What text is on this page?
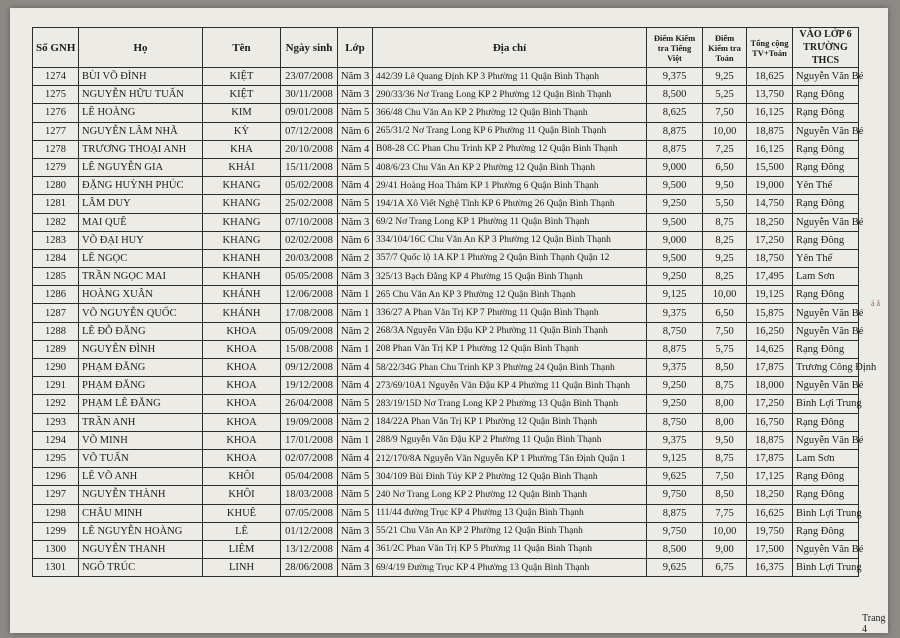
Số GNH	Họ	Tên	Ngày sinh	Lớp	Địa chỉ	Điểm Kiểm tra Tiếng Việt	Điểm Kiểm tra Toán	Tổng cộng TV+Toán	VÀO LỚP 6 TRƯỜNG THCS
1274	BÙI VÕ ĐÌNH	KIỆT	23/07/2008	Năm 3	442/39 Lê Quang Định KP 3 Phường 11 Quận Bình Thạnh	9,375	9,25	18,625	Nguyễn Văn Bé
1275	NGUYỄN HỮU TUẤN	KIỆT	30/11/2008	Năm 3	290/33/36 Nơ Trang Long KP 2 Phường 12 Quận Bình Thạnh	8,500	5,25	13,750	Rạng Đông
1276	LÊ HOÀNG	KIM	09/01/2008	Năm 5	366/48 Chu Văn An KP 2 Phường 12 Quận Bình Thạnh	8,625	7,50	16,125	Rạng Đông
1277	NGUYỄN LÂM NHÃ	KỲ	07/12/2008	Năm 6	265/31/2 Nơ Trang Long KP 6 Phường 11 Quận Bình Thạnh	8,875	10,00	18,875	Nguyễn Văn Bé
1278	TRƯƠNG THOẠI ANH	KHA	20/10/2008	Năm 4	B08-28 CC Phan Chu Trinh KP 2 Phường 12 Quận Bình Thạnh	8,875	7,25	16,125	Rạng Đông
1279	LÊ NGUYỄN GIA	KHẢI	15/11/2008	Năm 5	408/6/23 Chu Văn An KP 2 Phường 12 Quận Bình Thạnh	9,000	6,50	15,500	Rạng Đông
1280	ĐẶNG HUỲNH PHÚC	KHANG	05/02/2008	Năm 4	29/41 Hoàng Hoa Thám KP 1 Phường 6 Quận Bình Thạnh	9,500	9,50	19,000	Yên Thế
1281	LÂM DUY	KHANG	25/02/2008	Năm 5	194/1A Xô Viết Nghệ Tĩnh KP 6 Phường 26 Quận Bình Thạnh	9,250	5,50	14,750	Rạng Đông
1282	MAI QUÊ	KHANG	07/10/2008	Năm 3	69/2 Nơ Trang Long KP 1 Phường 11 Quận Bình Thạnh	9,500	8,75	18,250	Nguyễn Văn Bé
1283	VÕ ĐẠI HUY	KHANG	02/02/2008	Năm 6	334/104/16C Chu Văn An KP 3 Phường 12 Quận Bình Thạnh	9,000	8,25	17,250	Rạng Đông
1284	LÊ NGỌC	KHANH	20/03/2008	Năm 2	357/7 Quốc lộ 1A KP 1 Phường 2 Quận Bình Thạnh Quận 12	9,500	9,25	18,750	Yên Thế
1285	TRẦN NGỌC MAI	KHANH	05/05/2008	Năm 3	325/13 Bạch Đằng KP 4 Phường 15 Quận Bình Thạnh	9,250	8,25	17,495	Lam Sơn
1286	HOÀNG XUÂN	KHÁNH	12/06/2008	Năm 1	265 Chu Văn An KP 3 Phường 12 Quận Bình Thạnh	9,125	10,00	19,125	Rạng Đông
1287	VÕ NGUYỄN QUỐC	KHÁNH	17/08/2008	Năm 1	336/27 A Phan Văn Trị KP 7 Phường 11 Quận Bình Thạnh	9,375	6,50	15,875	Nguyễn Văn Bé
1288	LÊ ĐỖ ĐĂNG	KHOA	05/09/2008	Năm 2	268/3A Nguyễn Văn Đậu KP 2 Phường 11 Quận Bình Thạnh	8,750	7,50	16,250	Nguyễn Văn Bé
1289	NGUYỄN ĐÌNH	KHOA	15/08/2008	Năm 1	208 Phan Văn Trị KP 1 Phường 12 Quận Bình Thạnh	8,875	5,75	14,625	Rạng Đông
1290	PHẠM ĐĂNG	KHOA	09/12/2008	Năm 4	58/22/34G Phan Chu Trinh KP 3 Phường 24 Quận Bình Thạnh	9,375	8,50	17,875	Trương Công Định
1291	PHẠM ĐĂNG	KHOA	19/12/2008	Năm 4	273/69/10A1 Nguyễn Văn Đậu KP 4 Phường 11 Quận Bình Thạnh	9,250	8,75	18,000	Nguyễn Văn Bé
1292	PHẠM LÊ ĐĂNG	KHOA	26/04/2008	Năm 5	283/19/15D Nơ Trang Long KP 2 Phường 13 Quận Bình Thạnh	9,250	8,00	17,250	Bình Lợi Trung
1293	TRẦN ANH	KHOA	19/09/2008	Năm 2	184/22A Phan Văn Trị KP 1 Phường 12 Quận Bình Thạnh	8,750	8,00	16,750	Rạng Đông
1294	VÕ MINH	KHOA	17/01/2008	Năm 1	288/9 Nguyễn Văn Đậu KP 2 Phường 11 Quận Bình Thạnh	9,375	9,50	18,875	Nguyễn Văn Bé
1295	VÕ TUẤN	KHOA	02/07/2008	Năm 4	212/170/8A Nguyễn Văn Nguyễn KP 1 Phường Tân Định Quận 1	9,125	8,75	17,875	Lam Sơn
1296	LÊ VÕ ANH	KHÔI	05/04/2008	Năm 5	304/109 Bùi Đình Túy KP 2 Phường 12 Quận Bình Thạnh	9,625	7,50	17,125	Rạng Đông
1297	NGUYỄN THÀNH	KHÔI	18/03/2008	Năm 5	240 Nơ Trang Long KP 2 Phường 12 Quận Bình Thạnh	9,750	8,50	18,250	Rạng Đông
1298	CHÂU MINH	KHUÊ	07/05/2008	Năm 5	111/44 đường Trục KP 4 Phường 13 Quận Bình Thạnh	8,875	7,75	16,625	Bình Lợi Trung
1299	LÊ NGUYỄN HOÀNG	LÊ	01/12/2008	Năm 3	55/21 Chu Văn An KP 2 Phường 12 Quận Bình Thạnh	9,750	10,00	19,750	Rạng Đông
1300	NGUYỄN THANH	LIÊM	13/12/2008	Năm 4	361/2C Phan Văn Trị KP 5 Phường 11 Quận Bình Thạnh	8,500	9,00	17,500	Nguyễn Văn Bé
1301	NGÔ TRÚC	LINH	28/06/2008	Năm 3	69/4/19 Đường Trục KP 4 Phường 13 Quận Bình Thạnh	9,625	6,75	16,375	Bình Lợi Trung
ả ắ
Trang 4
